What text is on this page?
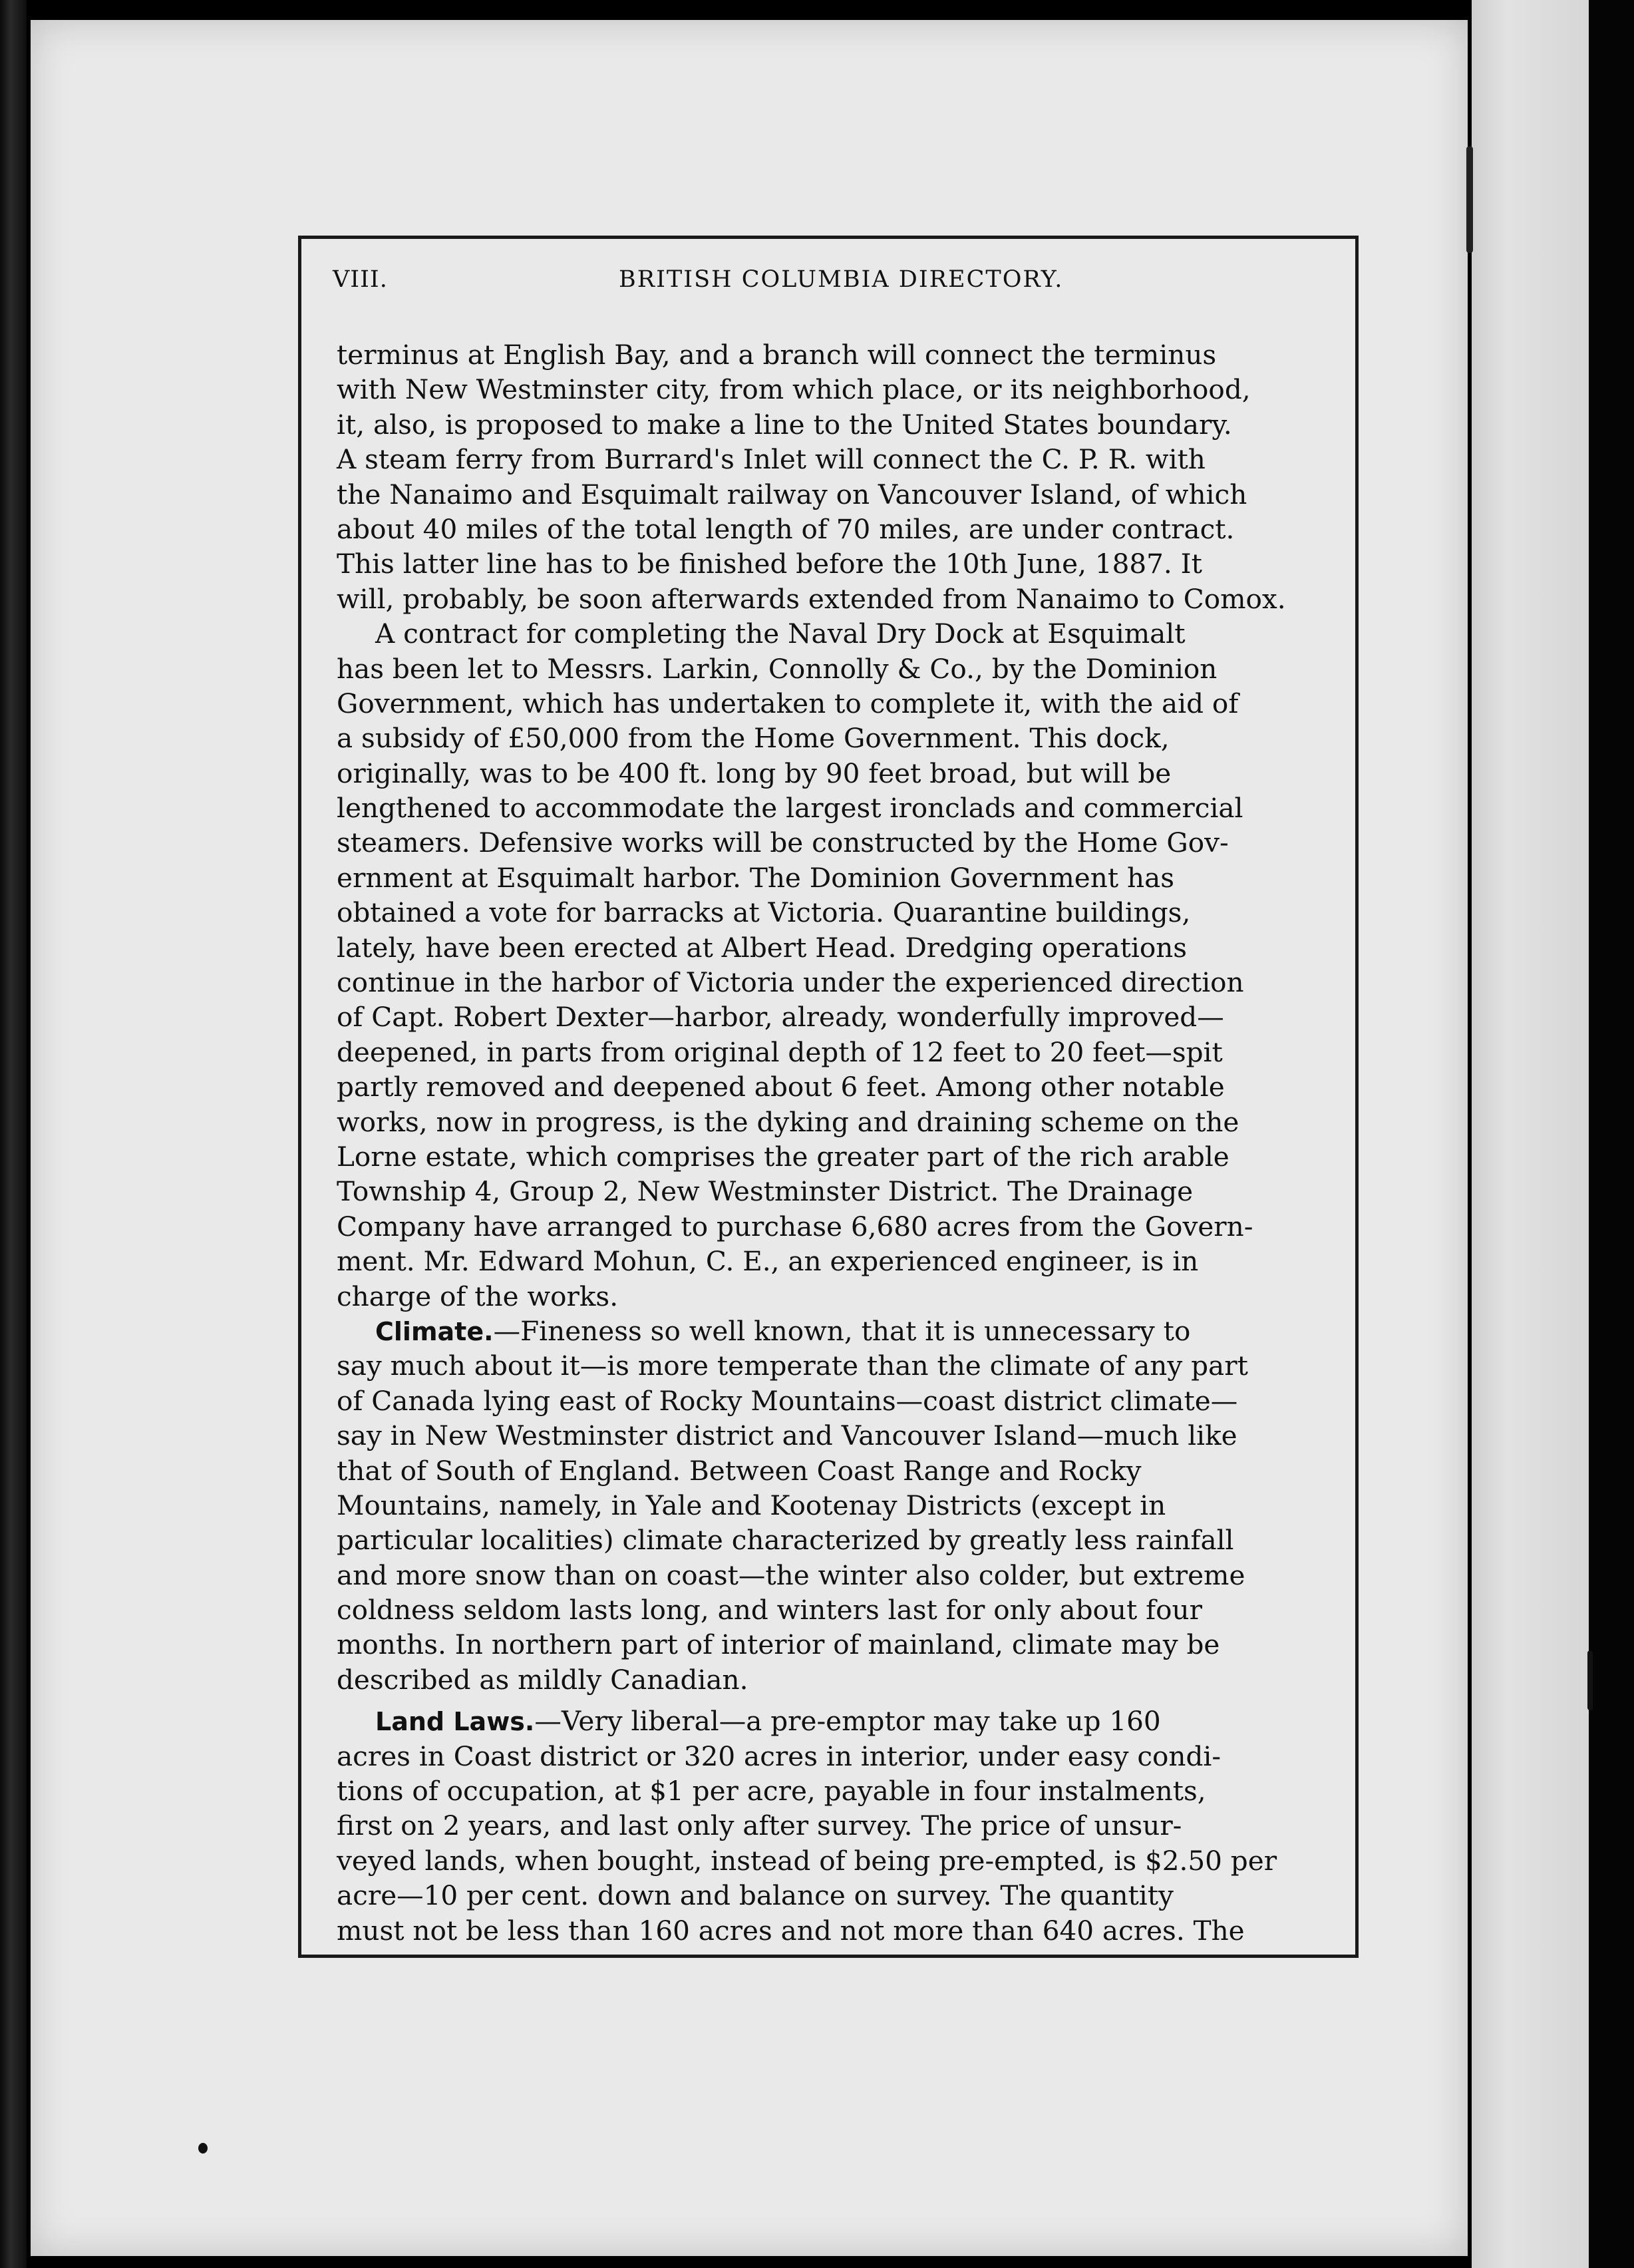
VIII.	BRITISH COLUMBIA DIRECTORY.
terminus at English Bay, and a branch will connect the terminus
with New Westminster city, from which place, or its neighborhood,
it, also, is proposed to make a line to the United States boundary.
A steam ferry from Burrard's Inlet will connect the C. P. R. with
the Nanaimo and Esquimalt railway on Vancouver Island, of which
about 40 miles of the total length of 70 miles, are under contract.
This latter line has to be finished before the 10th June, 1887. It
will, probably, be soon afterwards extended from Nanaimo to Comox.
A contract for completing the Naval Dry Dock at Esquimalt
has been let to Messrs. Larkin, Connolly & Co., by the Dominion
Government, which has undertaken to complete it, with the aid of
a subsidy of £50,000 from the Home Government. This dock,
originally, was to be 400 ft. long by 90 feet broad, but will be
lengthened to accommodate the largest ironclads and commercial
steamers. Defensive works will be constructed by the Home Gov-
ernment at Esquimalt harbor. The Dominion Government has
obtained a vote for barracks at Victoria. Quarantine buildings,
lately, have been erected at Albert Head. Dredging operations
continue in the harbor of Victoria under the experienced direction
of Capt. Robert Dexter—harbor, already, wonderfully improved—
deepened, in parts from original depth of 12 feet to 20 feet—spit
partly removed and deepened about 6 feet. Among other notable
works, now in progress, is the dyking and draining scheme on the
Lorne estate, which comprises the greater part of the rich arable
Township 4, Group 2, New Westminster District. The Drainage
Company have arranged to purchase 6,680 acres from the Govern-
ment. Mr. Edward Mohun, C. E., an experienced engineer, is in
charge of the works.
Climate.—Fineness so well known, that it is unnecessary to
say much about it—is more temperate than the climate of any part
of Canada lying east of Rocky Mountains—coast district climate—
say in New Westminster district and Vancouver Island—much like
that of South of England. Between Coast Range and Rocky
Mountains, namely, in Yale and Kootenay Districts (except in
particular localities) climate characterized by greatly less rainfall
and more snow than on coast—the winter also colder, but extreme
coldness seldom lasts long, and winters last for only about four
months. In northern part of interior of mainland, climate may be
described as mildly Canadian.
Land Laws.—Very liberal—a pre-emptor may take up 160
acres in Coast district or 320 acres in interior, under easy condi-
tions of occupation, at $1 per acre, payable in four instalments,
first on 2 years, and last only after survey. The price of unsur-
veyed lands, when bought, instead of being pre-empted, is $2.50 per
acre—10 per cent. down and balance on survey. The quantity
must not be less than 160 acres and not more than 640 acres. The
